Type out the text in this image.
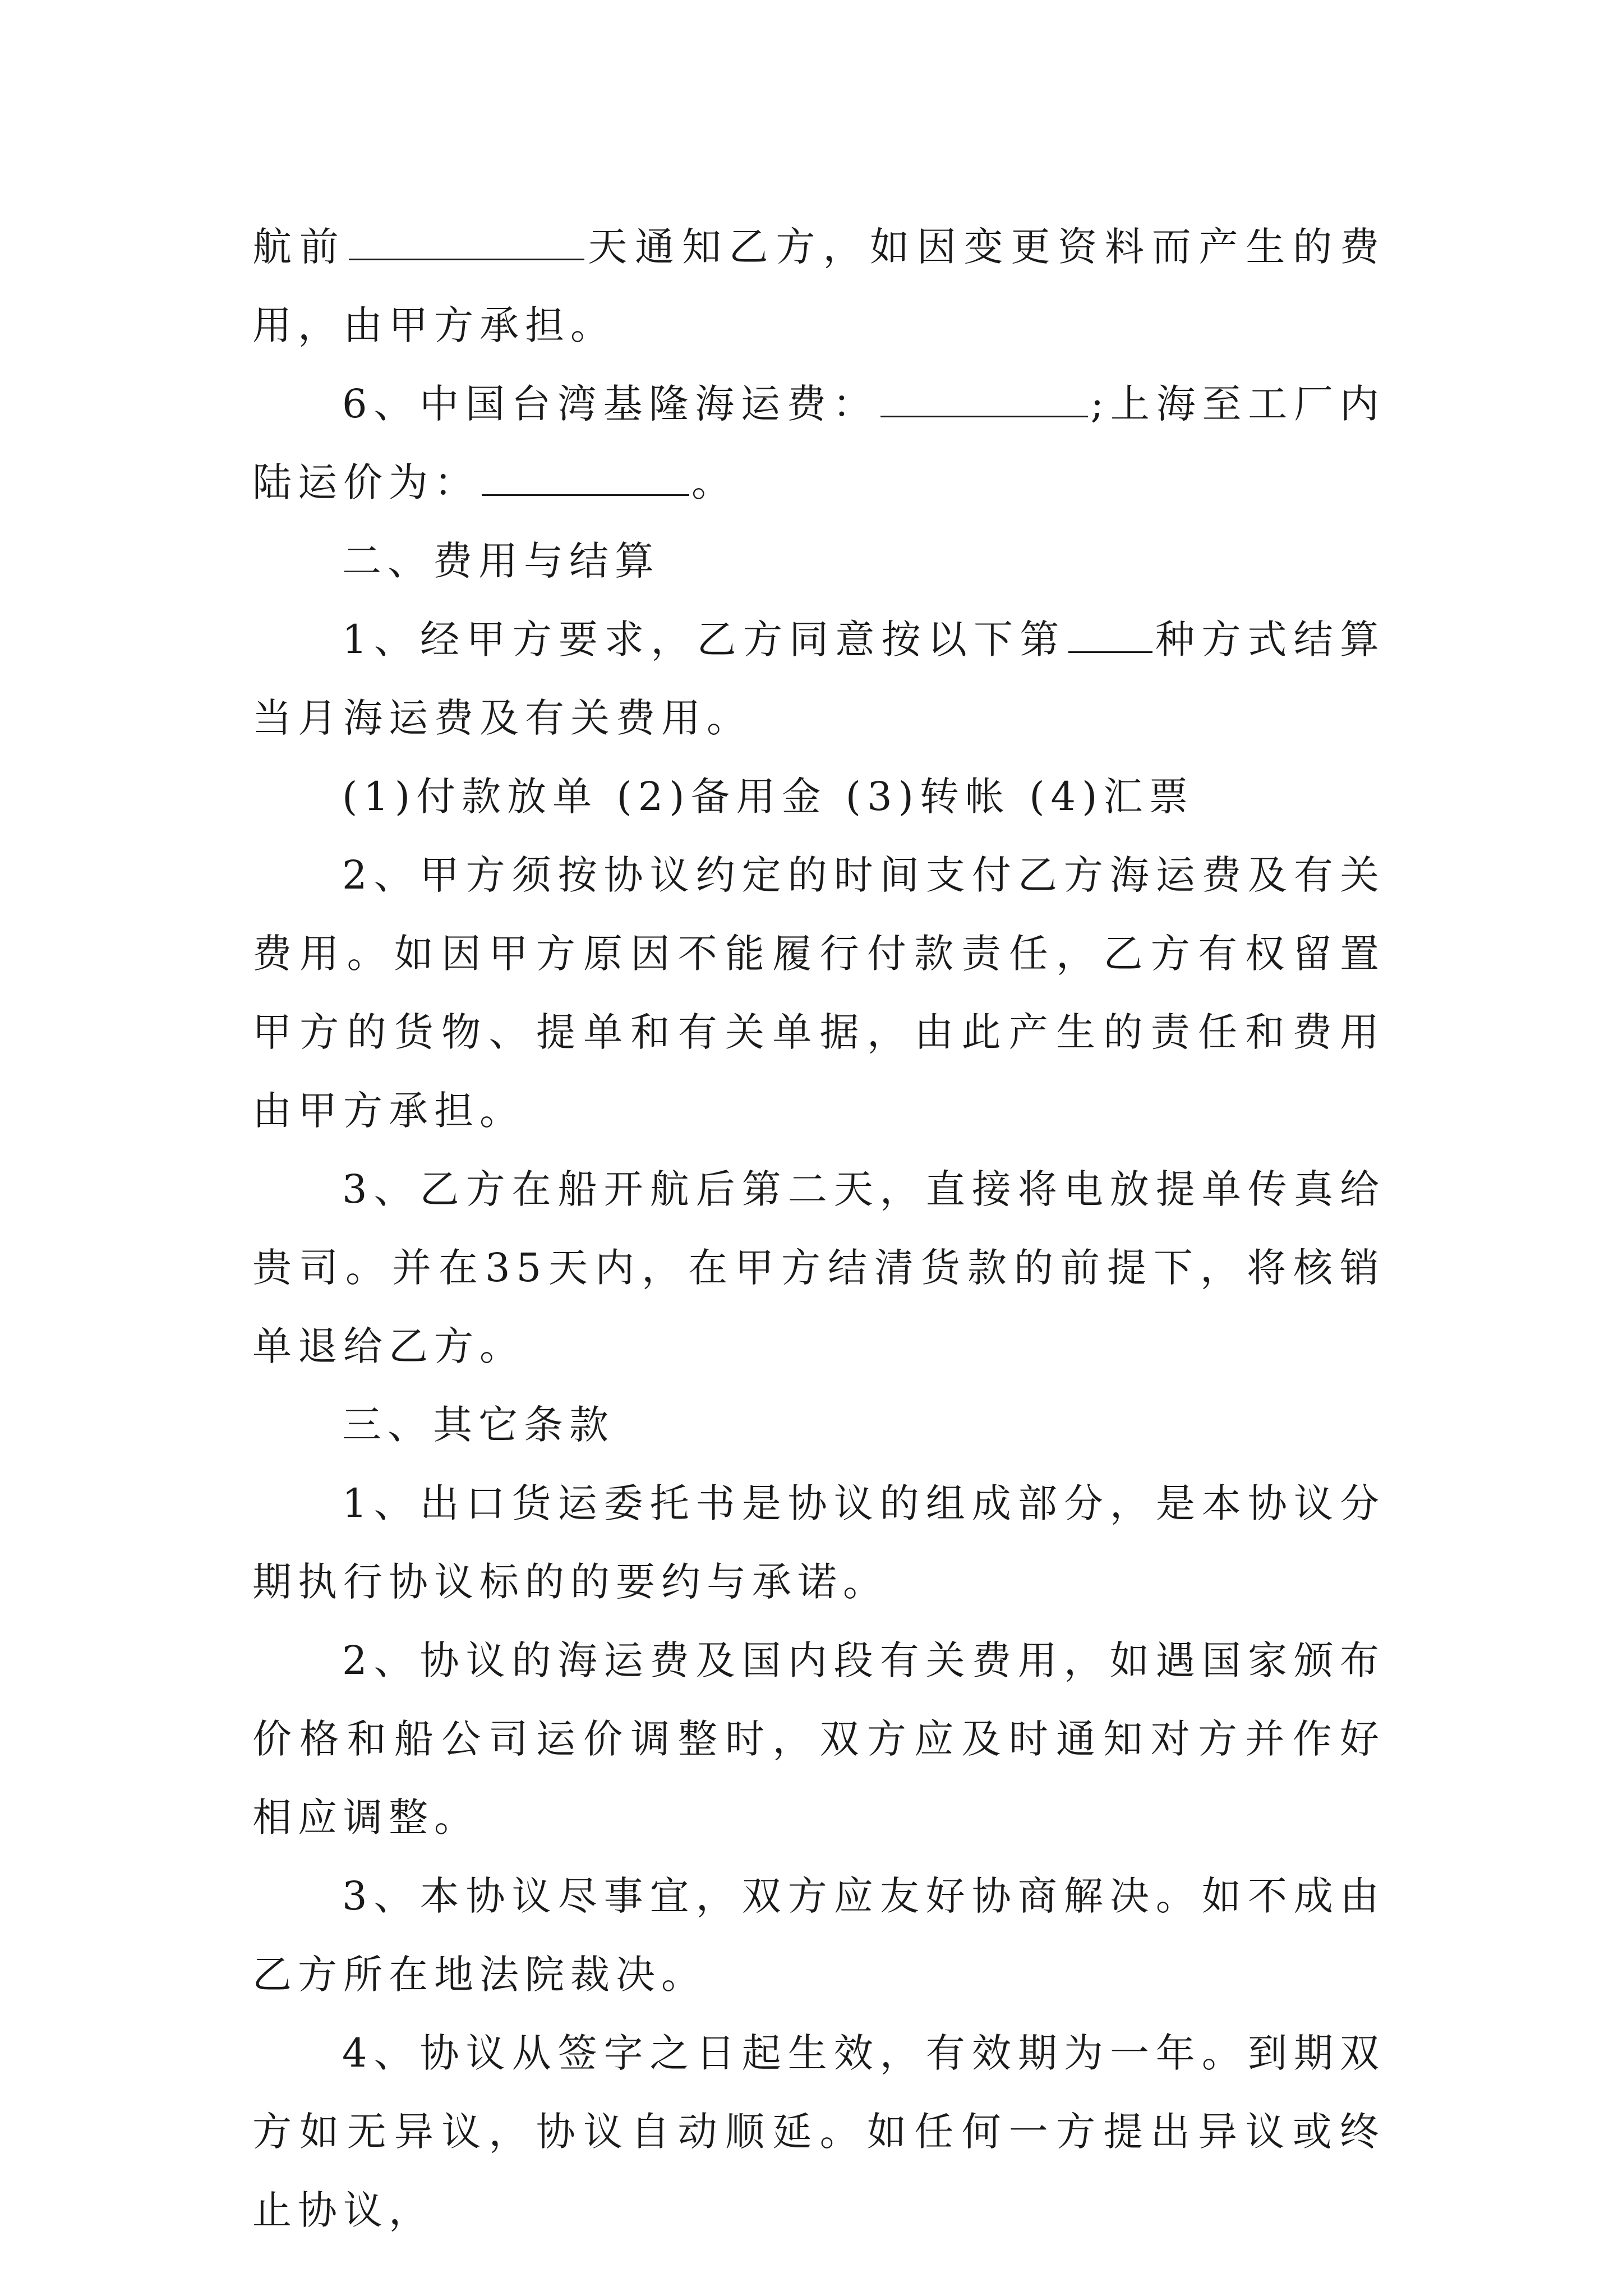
航前	天通知乙方，如因变更资料而产生的费用，由甲方承担。

6、中国台湾基隆海运费：	;上海至工厂内陆运价为：	。

二、费用与结算

1、经甲方要求，乙方同意按以下第 种方式结算当月海运费及有关费用。

(1)付款放单 (2)备用金 (3)转帐 (4)汇票

2、甲方须按协议约定的时间支付乙方海运费及有关费用。如因甲方原因不能履行付款责任，乙方有权留置甲方的货物、提单和有关单据，由此产生的责任和费用由甲方承担。

3、乙方在船开航后第二天，直接将电放提单传真给贵司。并在35天内，在甲方结清货款的前提下，将核销单退给乙方。

三、其它条款

1、出口货运委托书是协议的组成部分，是本协议分期执行协议标的的要约与承诺。

2、协议的海运费及国内段有关费用，如遇国家颁布价格和船公司运价调整时，双方应及时通知对方并作好相应调整。

3、本协议尽事宜，双方应友好协商解决。如不成由乙方所在地法院裁决。

4、协议从签字之日起生效，有效期为一年。到期双方如无异议，协议自动顺延。如任何一方提出异议或终止协议，
